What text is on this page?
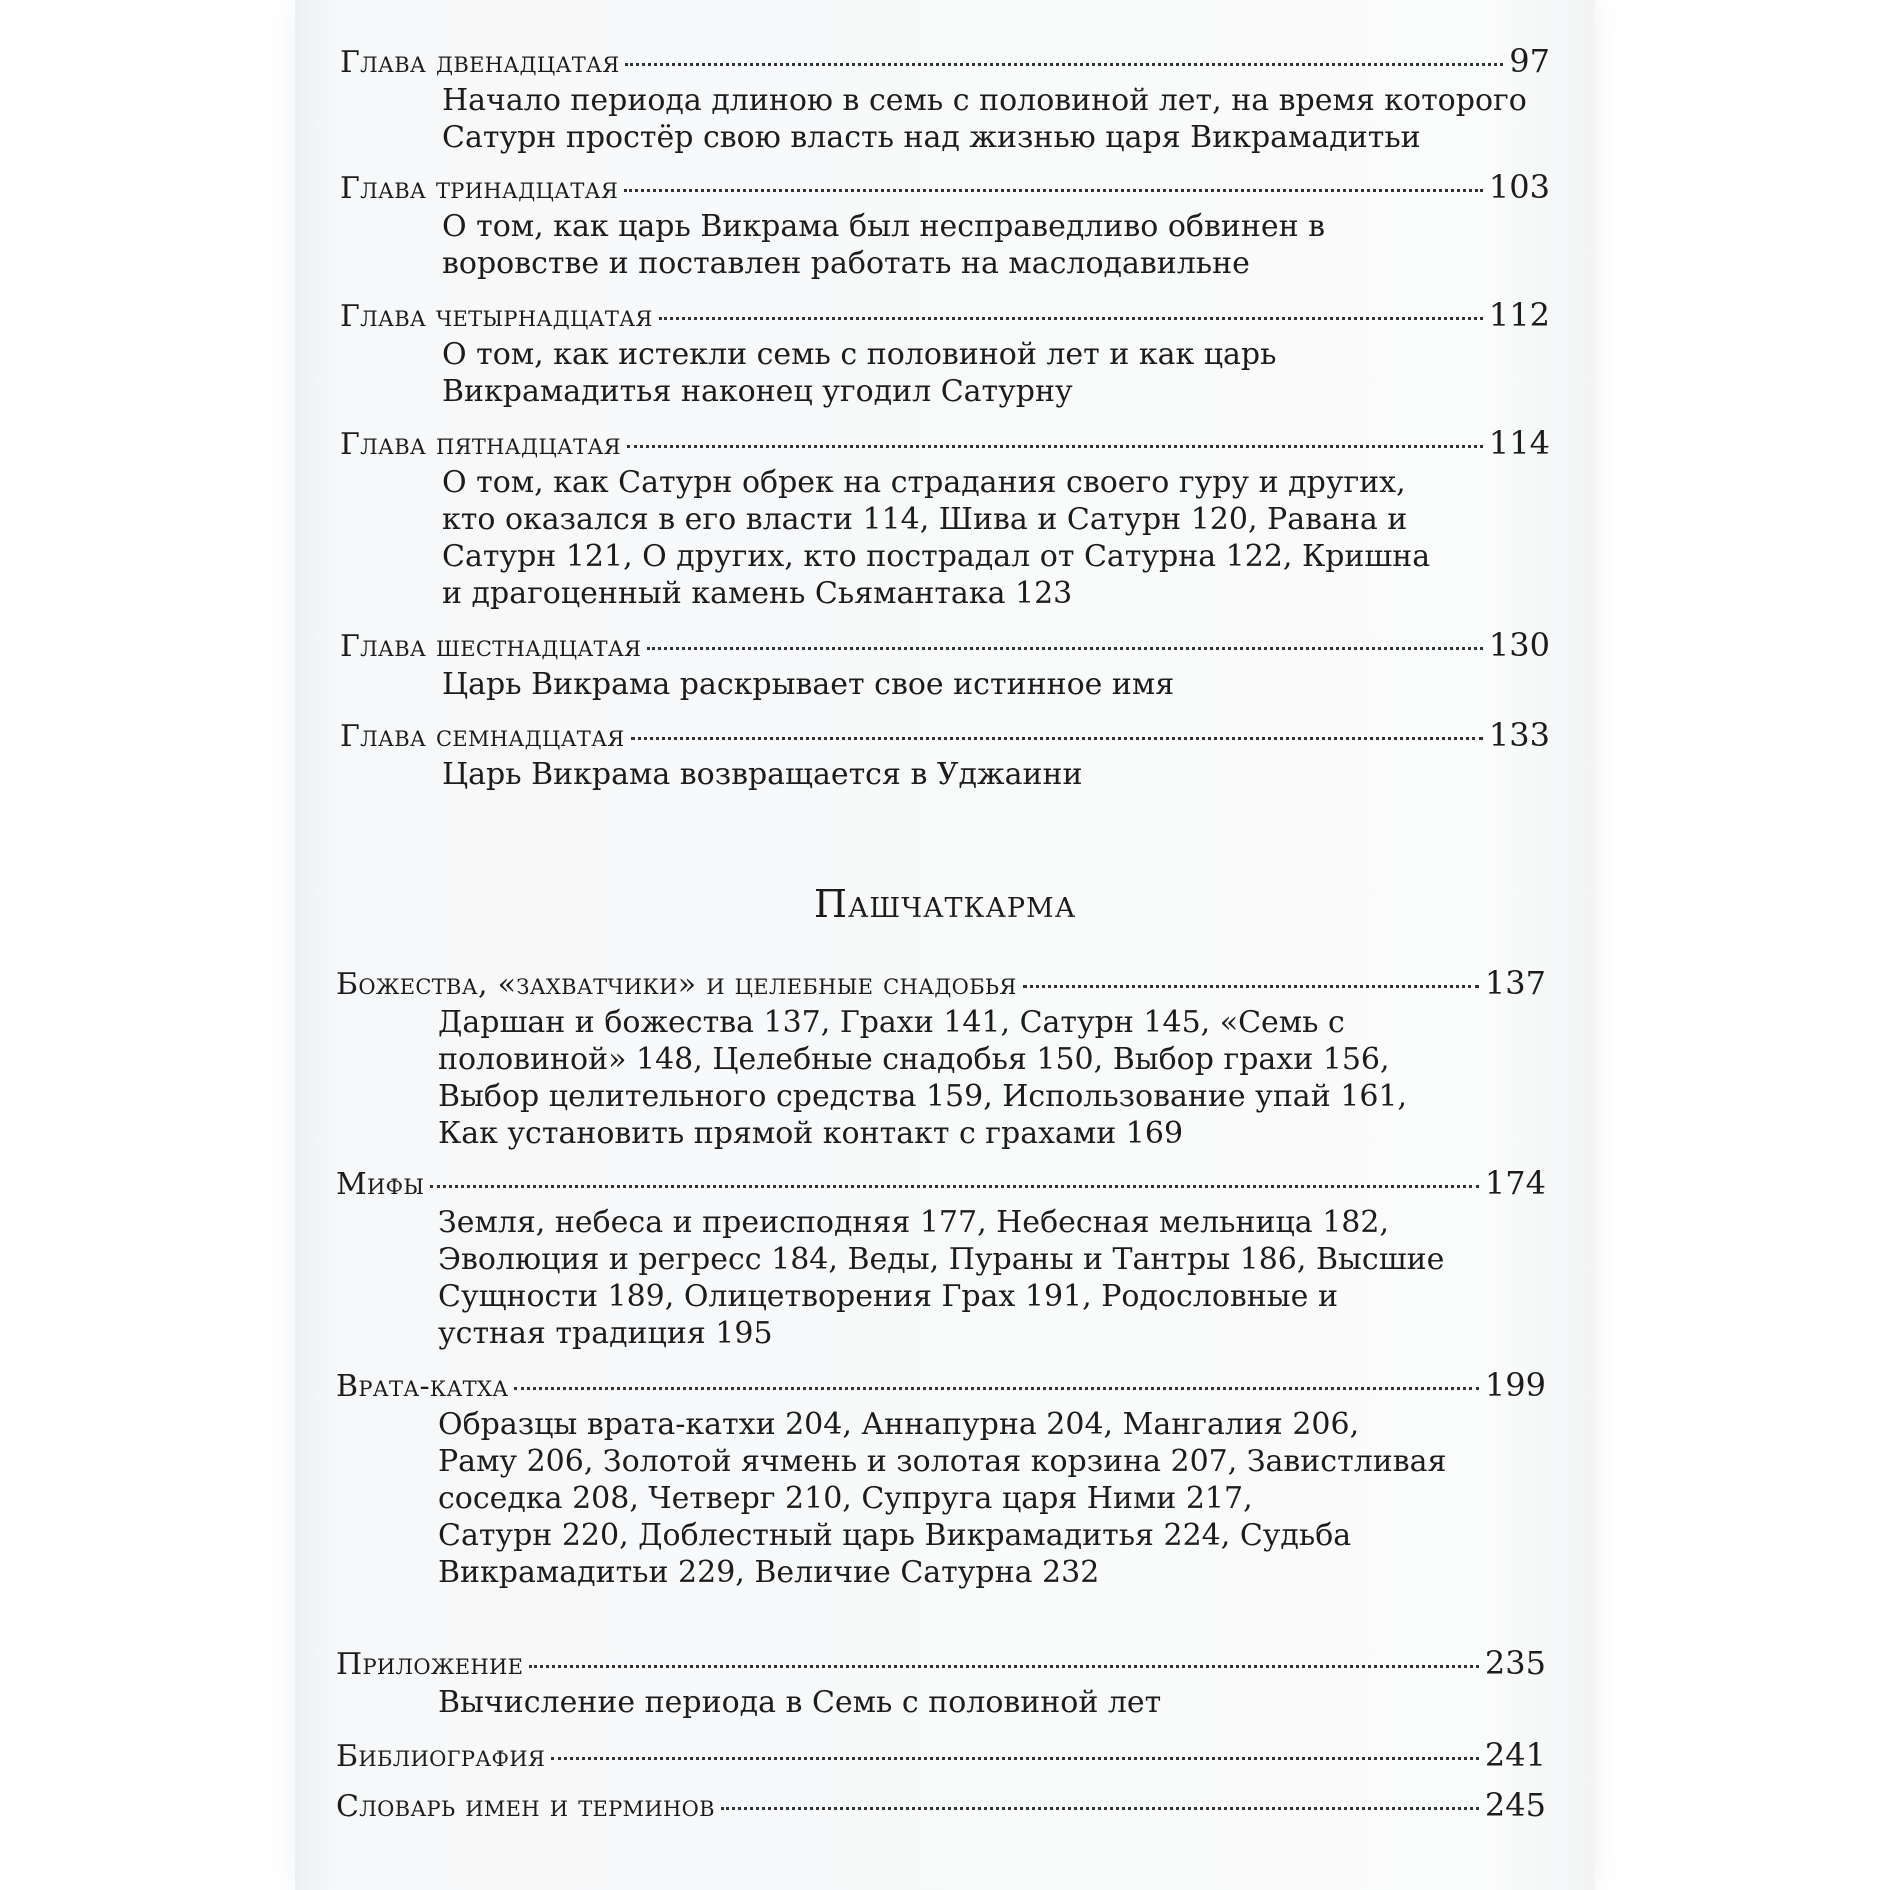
Глава двенадцатая	97
Начало периода длиною в семь с половиной лет, на время которого
Сатурн простёр свою власть над жизнью царя Викрамадитьи
Глава тринадцатая	103
О том, как царь Викрама был несправедливо обвинен в
воровстве и поставлен работать на маслодавильне
Глава четырнадцатая	112
О том, как истекли семь с половиной лет и как царь
Викрамадитья наконец угодил Сатурну
Глава пятнадцатая	114
О том, как Сатурн обрек на страдания своего гуру и других,
кто оказался в его власти 114, Шива и Сатурн 120, Равана и
Сатурн 121, О других, кто пострадал от Сатурна 122, Кришна
и драгоценный камень Сьямантака 123
Глава шестнадцатая	130
Царь Викрама раскрывает свое истинное имя
Глава семнадцатая	133
Царь Викрама возвращается в Уджаини
Пашчаткарма
Божества, «захватчики» и целебные снадобья	137
Даршан и божества 137, Грахи 141, Сатурн 145, «Семь с
половиной» 148, Целебные снадобья 150, Выбор грахи 156,
Выбор целительного средства 159, Использование упай 161,
Как установить прямой контакт с грахами 169
Мифы	174
Земля, небеса и преисподняя 177, Небесная мельница 182,
Эволюция и регресс 184, Веды, Пураны и Тантры 186, Высшие
Сущности 189, Олицетворения Грах 191, Родословные и
устная традиция 195
Врата-катха	199
Образцы врата-катхи 204, Аннапурна 204, Мангалия 206,
Раму 206, Золотой ячмень и золотая корзина 207, Завистливая
соседка 208, Четверг 210, Супруга царя Ними 217,
Сатурн 220, Доблестный царь Викрамадитья 224, Судьба
Викрамадитьи 229, Величие Сатурна 232
Приложение	235
Вычисление периода в Семь с половиной лет
Библиография	241
Словарь имен и терминов	245
